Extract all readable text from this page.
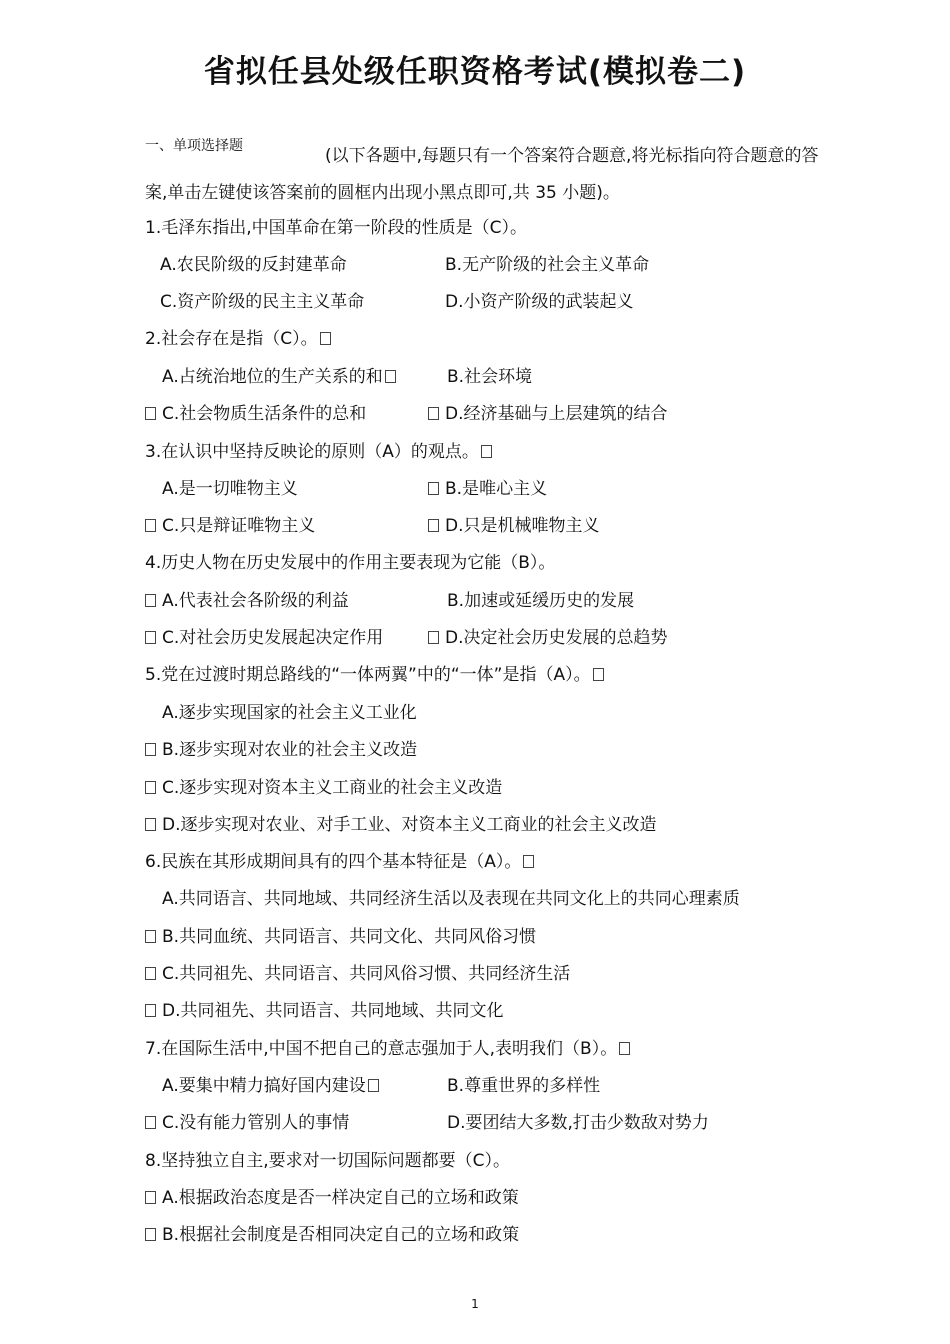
省拟任县处级任职资格考试(模拟卷二)
一、单项选择题	(以下各题中,每题只有一个答案符合题意,将光标指向符合题意的答案,单击左键使该答案前的圆框内出现小黑点即可,共 35 小题)。
1.毛泽东指出,中国革命在第一阶段的性质是（C）。
A.农民阶级的反封建革命	B.无产阶级的社会主义革命
C.资产阶级的民主主义革命	D.小资产阶级的武装起义
2.社会存在是指（C）。
A.占统治地位的生产关系的和	B.社会环境
C.社会物质生活条件的总和	D.经济基础与上层建筑的结合
3.在认识中坚持反映论的原则（A）的观点。
A.是一切唯物主义	B.是唯心主义
C.只是辩证唯物主义	D.只是机械唯物主义
4.历史人物在历史发展中的作用主要表现为它能（B）。
A.代表社会各阶级的利益	B.加速或延缓历史的发展
C.对社会历史发展起决定作用	D.决定社会历史发展的总趋势
5.党在过渡时期总路线的“一体两翼”中的“一体”是指（A）。
A.逐步实现国家的社会主义工业化
B.逐步实现对农业的社会主义改造
C.逐步实现对资本主义工商业的社会主义改造
D.逐步实现对农业、对手工业、对资本主义工商业的社会主义改造
6.民族在其形成期间具有的四个基本特征是（A）。
A.共同语言、共同地域、共同经济生活以及表现在共同文化上的共同心理素质
B.共同血统、共同语言、共同文化、共同风俗习惯
C.共同祖先、共同语言、共同风俗习惯、共同经济生活
D.共同祖先、共同语言、共同地域、共同文化
7.在国际生活中,中国不把自己的意志强加于人,表明我们（B）。
A.要集中精力搞好国内建设	B.尊重世界的多样性
C.没有能力管别人的事情	D.要团结大多数,打击少数敌对势力
8.坚持独立自主,要求对一切国际问题都要（C）。
A.根据政治态度是否一样决定自己的立场和政策
B.根据社会制度是否相同决定自己的立场和政策
1
